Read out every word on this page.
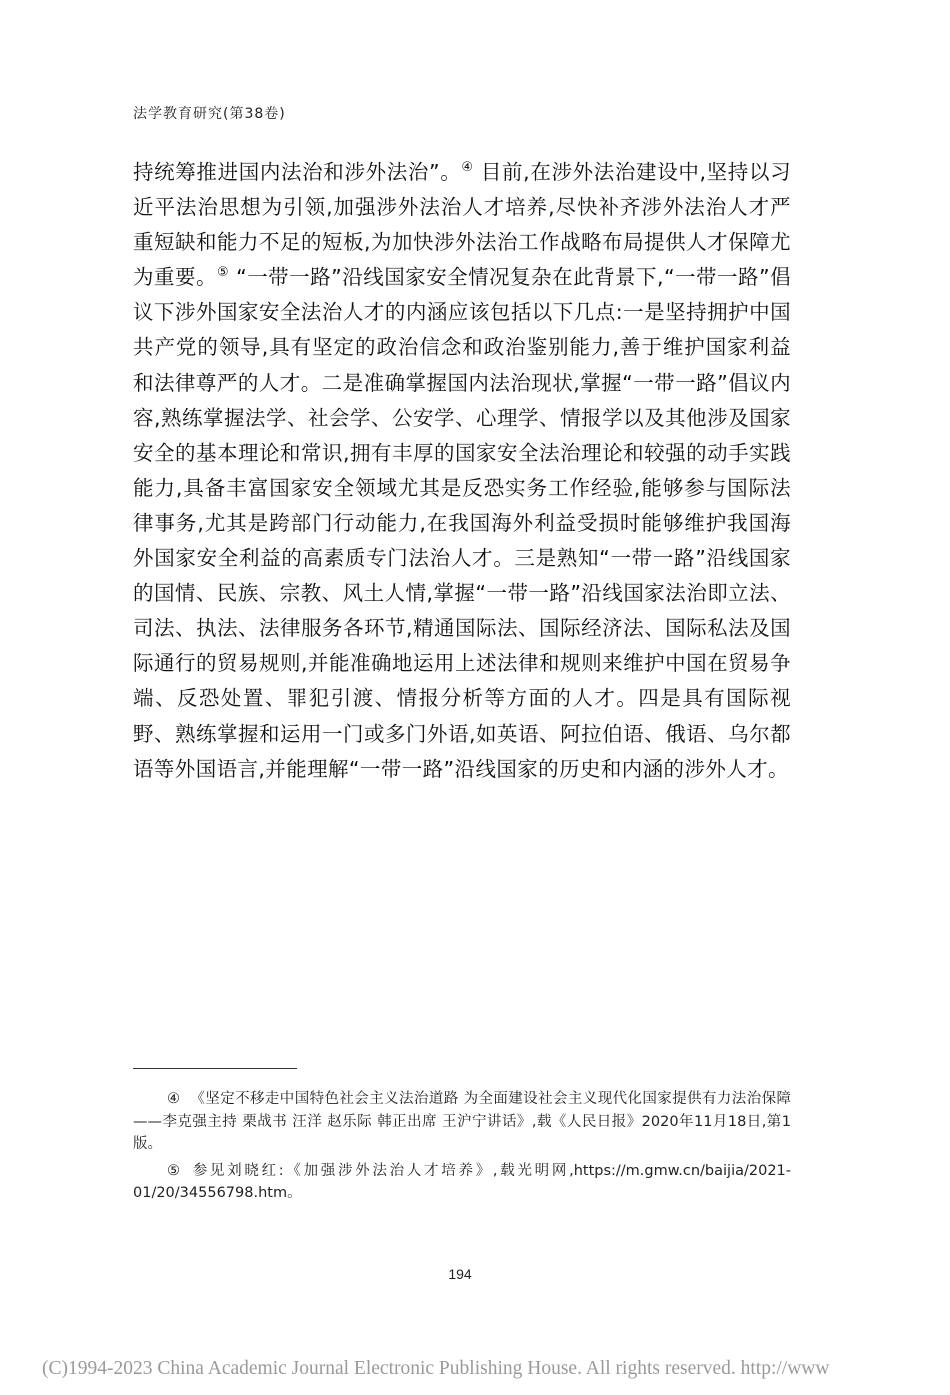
法学教育研究(第38卷)

持统筹推进国内法治和涉外法治”。④ 目前,在涉外法治建设中,坚持以习近平法治思想为引领,加强涉外法治人才培养,尽快补齐涉外法治人才严重短缺和能力不足的短板,为加快涉外法治工作战略布局提供人才保障尤为重要。⑤ “一带一路”沿线国家安全情况复杂在此背景下,“一带一路”倡议下涉外国家安全法治人才的内涵应该包括以下几点:一是坚持拥护中国共产党的领导,具有坚定的政治信念和政治鉴别能力,善于维护国家利益和法律尊严的人才。二是准确掌握国内法治现状,掌握“一带一路”倡议内容,熟练掌握法学、社会学、公安学、心理学、情报学以及其他涉及国家安全的基本理论和常识,拥有丰厚的国家安全法治理论和较强的动手实践能力,具备丰富国家安全领域尤其是反恐实务工作经验,能够参与国际法律事务,尤其是跨部门行动能力,在我国海外利益受损时能够维护我国海外国家安全利益的高素质专门法治人才。三是熟知“一带一路”沿线国家的国情、民族、宗教、风土人情,掌握“一带一路”沿线国家法治即立法、司法、执法、法律服务各环节,精通国际法、国际经济法、国际私法及国际通行的贸易规则,并能准确地运用上述法律和规则来维护中国在贸易争端、反恐处置、罪犯引渡、情报分析等方面的人才。四是具有国际视野、熟练掌握和运用一门或多门外语,如英语、阿拉伯语、俄语、乌尔都语等外国语言,并能理解“一带一路”沿线国家的历史和内涵的涉外人才。

④ 《坚定不移走中国特色社会主义法治道路 为全面建设社会主义现代化国家提供有力法治保障——李克强主持 栗战书 汪洋 赵乐际 韩正出席 王沪宁讲话》,载《人民日报》2020年11月18日,第1版。

⑤ 参见刘晓红:《加强涉外法治人才培养》,载光明网,https://m.gmw.cn/baijia/2021-01/20/34556798.htm。

194
(C)1994-2023 China Academic Journal Electronic Publishing House. All rights reserved. http://www
